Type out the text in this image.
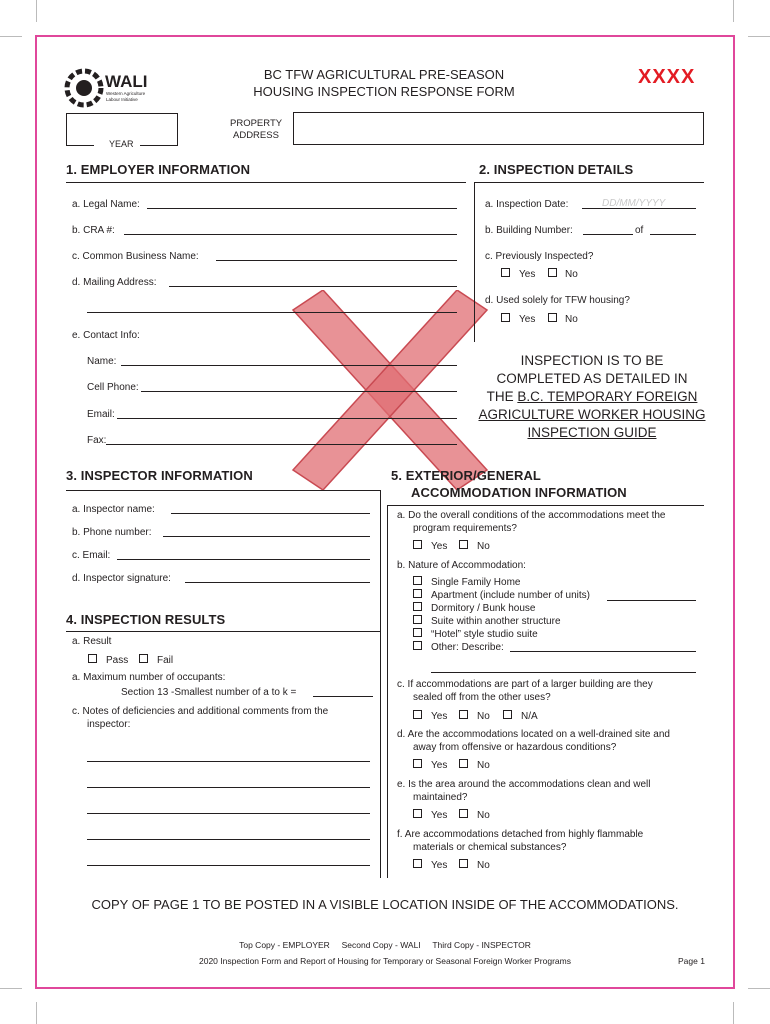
WALI
Western Agriculture
Labour Initiative
BC TFW AGRICULTURAL PRE-SEASON
HOUSING INSPECTION RESPONSE FORM
XXXX
YEAR
PROPERTY
ADDRESS
1. EMPLOYER INFORMATION
a. Legal Name:
b. CRA #:
c. Common Business Name:
d. Mailing Address:
e. Contact Info:
Name:
Cell Phone:
Email:
Fax:
2. INSPECTION DETAILS
a. Inspection Date:	DD/MM/YYYY
b. Building Number:	of
c. Previously Inspected?
Yes	No
d. Used solely for TFW housing?
Yes	No
INSPECTION IS TO BE
COMPLETED AS DETAILED IN
THE B.C. TEMPORARY FOREIGN
AGRICULTURE WORKER HOUSING
INSPECTION GUIDE
3. INSPECTOR INFORMATION
a. Inspector name:
b. Phone number:
c. Email:
d. Inspector signature:
4. INSPECTION RESULTS
a. Result
Pass	Fail
a. Maximum number of occupants:
Section 13 -Smallest number of a to k =
c. Notes of deficiencies and additional comments from the
inspector:
5. EXTERIOR/GENERAL
ACCOMMODATION INFORMATION
a. Do the overall conditions of the accommodations meet the
program requirements?
Yes	No
b. Nature of Accommodation:
Single Family Home
Apartment (include number of units)
Dormitory / Bunk house
Suite within another structure
“Hotel” style studio suite
Other: Describe:
c. If accommodations are part of a larger building are they
sealed off from the other uses?
Yes	No	N/A
d. Are the accommodations located on a well-drained site and
away from offensive or hazardous conditions?
Yes	No
e. Is the area around the accommodations clean and well
maintained?
Yes	No
f. Are accommodations detached from highly flammable
materials or chemical substances?
Yes	No
COPY OF PAGE 1 TO BE POSTED IN A VISIBLE LOCATION INSIDE OF THE ACCOMMODATIONS.
Top Copy - EMPLOYER     Second Copy - WALI     Third Copy - INSPECTOR
2020 Inspection Form and Report of Housing for Temporary or Seasonal Foreign Worker Programs	Page 1
